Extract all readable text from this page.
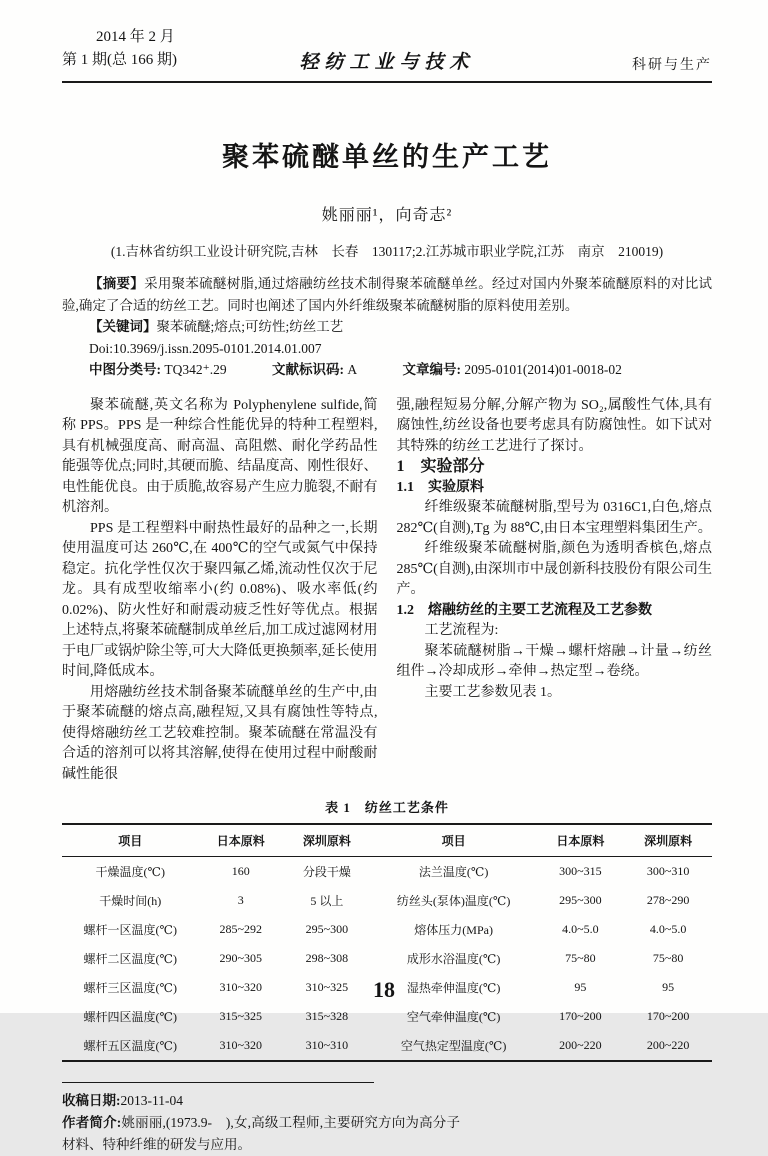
2014 年 2 月
第 1 期(总 166 期)	轻纺工业与技术	科研与生产
聚苯硫醚单丝的生产工艺
姚丽丽¹，向奇志²
(1.吉林省纺织工业设计研究院,吉林　长春　130117;2.江苏城市职业学院,江苏　南京　210019)

【摘要】采用聚苯硫醚树脂,通过熔融纺丝技术制得聚苯硫醚单丝。经过对国内外聚苯硫醚原料的对比试验,确定了合适的纺丝工艺。同时也阐述了国内外纤维级聚苯硫醚树脂的原料使用差别。

【关键词】聚苯硫醚;熔点;可纺性;纺丝工艺

Doi:10.3969/j.issn.2095-0101.2014.01.007

中图分类号: TQ342⁺.29	文献标识码: A	文章编号: 2095-0101(2014)01-0018-02

聚苯硫醚,英文名称为 Polyphenylene sulfide,简称 PPS。PPS 是一种综合性能优异的特种工程塑料,具有机械强度高、耐高温、高阻燃、耐化学药品性能强等优点;同时,其硬而脆、结晶度高、刚性很好、电性能优良。由于质脆,故容易产生应力脆裂,不耐有机溶剂。

PPS 是工程塑料中耐热性最好的品种之一,长期使用温度可达 260℃,在 400℃的空气或氮气中保持稳定。抗化学性仅次于聚四氟乙烯,流动性仅次于尼龙。具有成型收缩率小(约 0.08%)、吸水率低(约 0.02%)、防火性好和耐震动疲乏性好等优点。根据上述特点,将聚苯硫醚制成单丝后,加工成过滤网材用于电厂或锅炉除尘等,可大大降低更换频率,延长使用时间,降低成本。

用熔融纺丝技术制备聚苯硫醚单丝的生产中,由于聚苯硫醚的熔点高,融程短,又具有腐蚀性等特点,使得熔融纺丝工艺较难控制。聚苯硫醚在常温没有合适的溶剂可以将其溶解,使得在使用过程中耐酸耐碱性能很

强,融程短易分解,分解产物为 SO₂,属酸性气体,具有腐蚀性,纺丝设备也要考虑具有防腐蚀性。如下试对其特殊的纺丝工艺进行了探讨。

1　实验部分

1.1　实验原料

纤维级聚苯硫醚树脂,型号为 0316C1,白色,熔点 282℃(自测),Tg 为 88℃,由日本宝理塑料集团生产。

纤维级聚苯硫醚树脂,颜色为透明香槟色,熔点 285℃(自测),由深圳市中晟创新科技股份有限公司生产。

1.2　熔融纺丝的主要工艺流程及工艺参数

工艺流程为:

聚苯硫醚树脂→干燥→螺杆熔融→计量→纺丝组件→冷却成形→牵伸→热定型→卷绕。

主要工艺参数见表 1。

表 1　纺丝工艺条件
项目	日本原料	深圳原料	项目	日本原料	深圳原料
干燥温度(℃)	160	分段干燥	法兰温度(℃)	300~315	300~310
干燥时间(h)	3	5 以上	纺丝头(泵体)温度(℃)	295~300	278~290
螺杆一区温度(℃)	285~292	295~300	熔体压力(MPa)	4.0~5.0	4.0~5.0
螺杆二区温度(℃)	290~305	298~308	成形水浴温度(℃)	75~80	75~80
螺杆三区温度(℃)	310~320	310~325	湿热牵伸温度(℃)	95	95
螺杆四区温度(℃)	315~325	315~328	空气牵伸温度(℃)	170~200	170~200
螺杆五区温度(℃)	310~320	310~310	空气热定型温度(℃)	200~220	200~220

收稿日期:2013-11-04

作者简介:姚丽丽,(1973.9-　),女,高级工程师,主要研究方向为高分子材料、特种纤维的研发与应用。

18
